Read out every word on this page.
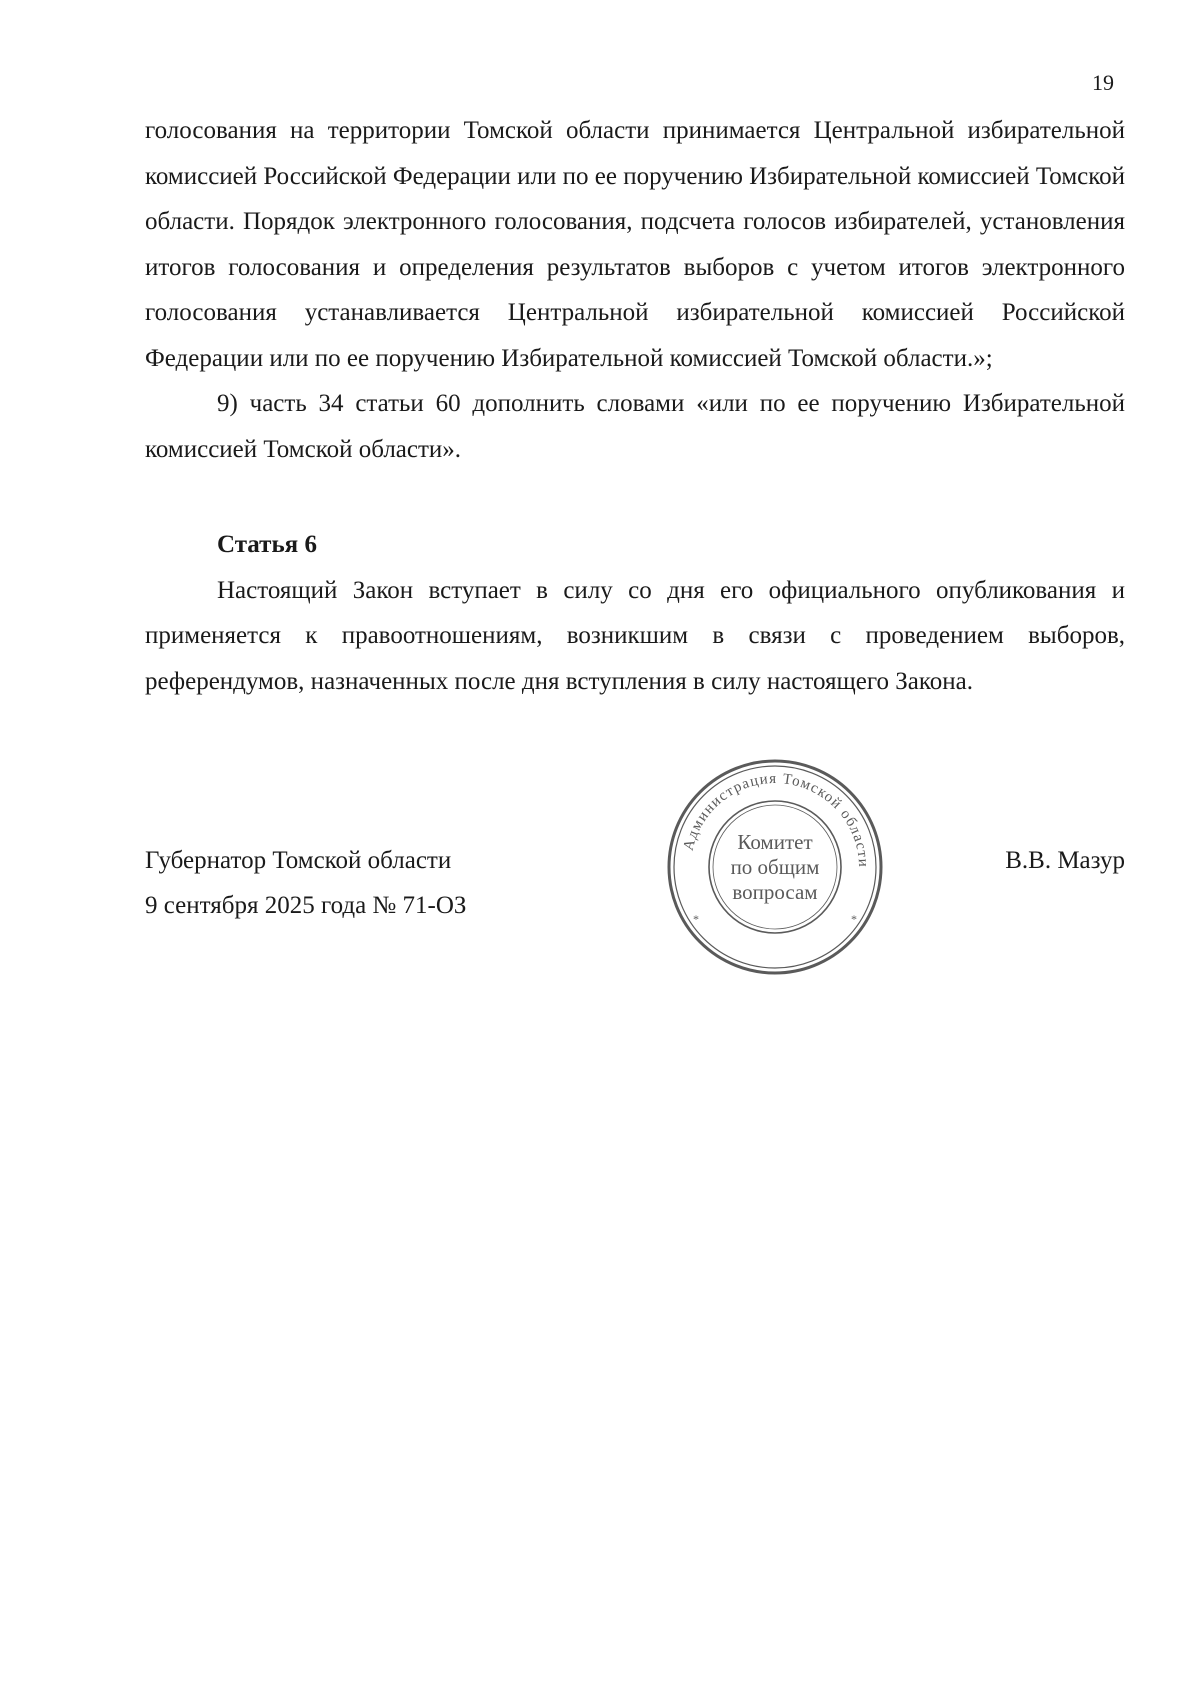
19

голосования на территории Томской области принимается Центральной избирательной комиссией Российской Федерации или по ее поручению Избирательной комиссией Томской области. Порядок электронного голосования, подсчета голосов избирателей, установления итогов голосования и определения результатов выборов с учетом итогов электронного голосования устанавливается Центральной избирательной комиссией Российской Федерации или по ее поручению Избирательной комиссией Томской области.»;

9) часть 34 статьи 60 дополнить словами «или по ее поручению Избирательной комиссией Томской области».

Статья 6

Настоящий Закон вступает в силу со дня его официального опубликования и применяется к правоотношениям, возникшим в связи с проведением выборов, референдумов, назначенных после дня вступления в силу настоящего Закона.

Губернатор Томской области
9 сентября 2025 года № 71-ОЗ
В.В. Мазур
Администрация Томской области
Комитет
по общим
вопросам
*	*
